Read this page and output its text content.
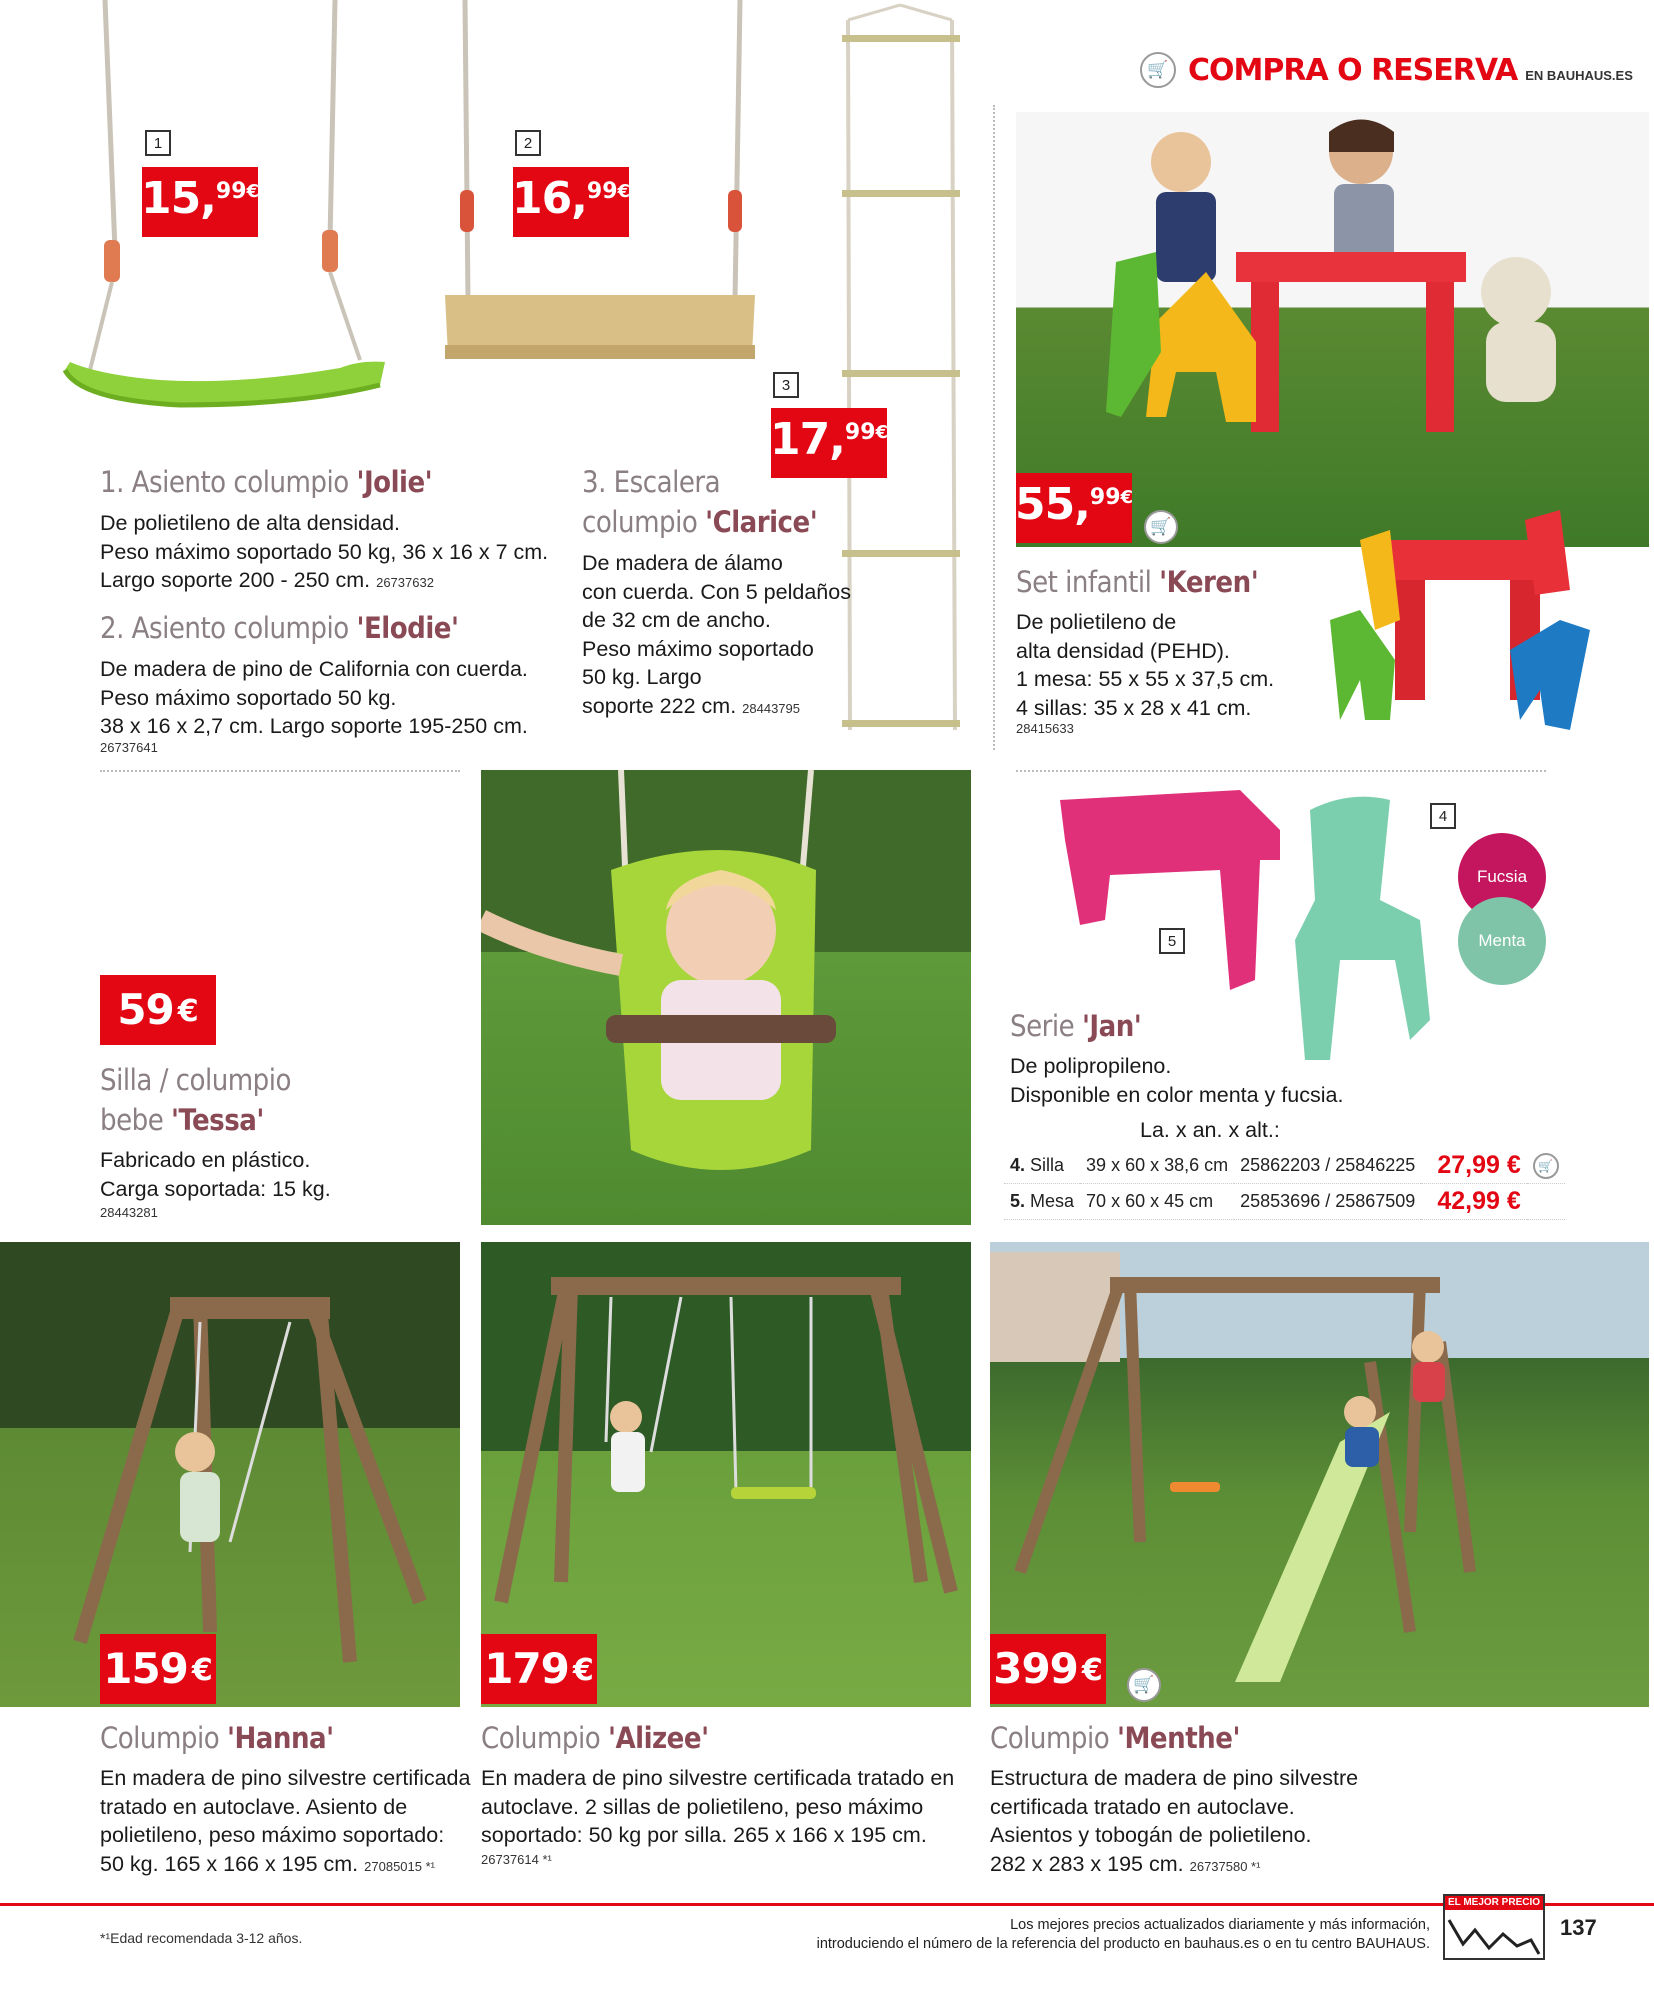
1
15, 99 €
2
16, 99 €
3
17, 99 €
1. Asiento columpio 'Jolie'
De polietileno de alta densidad.
Peso máximo soportado 50 kg, 36 x 16 x 7 cm.
Largo soporte 200 - 250 cm. 26737632
2. Asiento columpio 'Elodie'
De madera de pino de California con cuerda.
Peso máximo soportado 50 kg.
38 x 16 x 2,7 cm. Largo soporte 195-250 cm.
26737641
3. Escalera
columpio 'Clarice'
De madera de álamo
con cuerda. Con 5 peldaños
de 32 cm de ancho.
Peso máximo soportado
50 kg. Largo
soporte 222 cm. 28443795
🛒 COMPRA O RESERVA EN BAUHAUS.ES
55, 99 €
🛒
Set infantil 'Keren'
De polietileno de
alta densidad (PEHD).
1 mesa: 55 x 55 x 37,5 cm.
4 sillas: 35 x 28 x 41 cm.
28415633
59 €
Silla / columpio
bebe 'Tessa'
Fabricado en plástico.
Carga soportada: 15 kg.
28443281
4
5
Fucsia
Menta
Serie 'Jan'
De polipropileno.
Disponible en color menta y fucsia.
La. x an. x alt.:
4. Silla	39 x 60 x 38,6 cm	25862203 / 25846225	27,99 €	🛒
5. Mesa	70 x 60 x 45 cm	25853696 / 25867509	42,99 €	
159 €	179 €	399 €	🛒
Columpio 'Hanna'
En madera de pino silvestre certificada
tratado en autoclave. Asiento de
polietileno, peso máximo soportado:
50 kg. 165 x 166 x 195 cm. 27085015 *¹
Columpio 'Alizee'
En madera de pino silvestre certificada tratado en
autoclave. 2 sillas de polietileno, peso máximo
soportado: 50 kg por silla. 265 x 166 x 195 cm.
26737614 *¹
Columpio 'Menthe'
Estructura de madera de pino silvestre
certificada tratado en autoclave.
Asientos y tobogán de polietileno.
282 x 283 x 195 cm. 26737580 *¹
*¹Edad recomendada 3-12 años.
Los mejores precios actualizados diariamente y más información,
introduciendo el número de la referencia del producto en bauhaus.es o en tu centro BAUHAUS.
EL MEJOR PRECIO
137
